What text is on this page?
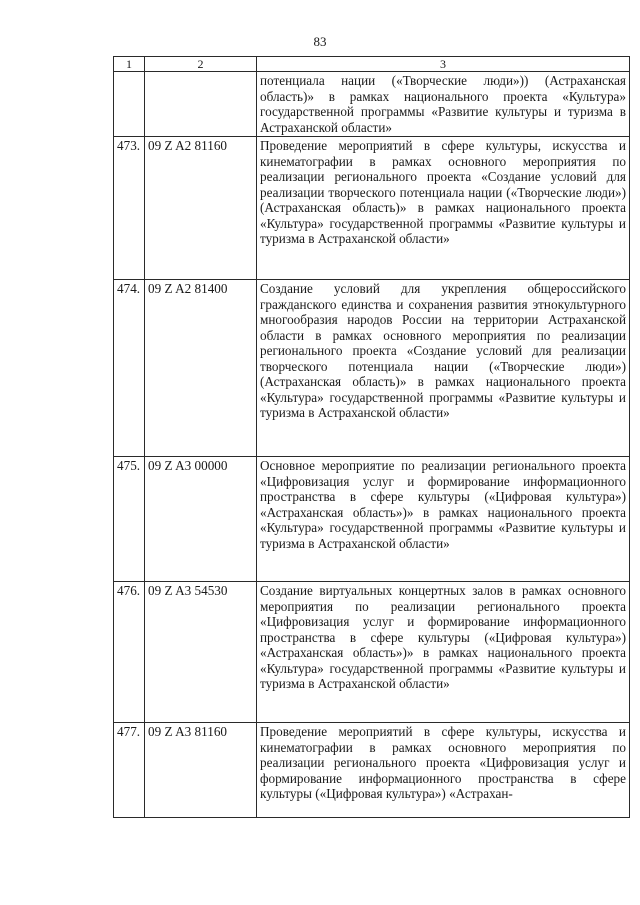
83
1	2	3
		потенциала нации («Творческие люди»)) (Астраханская область)» в рамках национального проекта «Культура» государственной программы «Развитие культуры и туризма в Астраханской области»
473.	09 Z A2 81160	Проведение мероприятий в сфере культуры, искусства и кинематографии в рамках основного мероприятия по реализации регионального проекта «Создание условий для реализации творческого потенциала нации («Творческие люди») (Астраханская область)» в рамках национального проекта «Культура» государственной программы «Развитие культуры и туризма в Астраханской области»
474.	09 Z A2 81400	Создание условий для укрепления общероссийского гражданского единства и сохранения развития этнокультурного многообразия народов России на территории Астраханской области в рамках основного мероприятия по реализации регионального проекта «Создание условий для реализации творческого потенциала нации («Творческие люди») (Астраханская область)» в рамках национального проекта «Культура» государственной программы «Развитие культуры и туризма в Астраханской области»
475.	09 Z A3 00000	Основное мероприятие по реализации регионального проекта «Цифровизация услуг и формирование информационного пространства в сфере культуры («Цифровая культура») «Астраханская область»)» в рамках национального проекта «Культура» государственной программы «Развитие культуры и туризма в Астраханской области»
476.	09 Z A3 54530	Создание виртуальных концертных залов в рамках основного мероприятия по реализации регионального проекта «Цифровизация услуг и формирование информационного пространства в сфере культуры («Цифровая культура») «Астраханская область»)» в рамках национального проекта «Культура» государственной программы «Развитие культуры и туризма в Астраханской области»
477.	09 Z A3 81160	Проведение мероприятий в сфере культуры, искусства и кинематографии в рамках основного мероприятия по реализации регионального проекта «Цифровизация услуг и формирование информационного пространства в сфере культуры («Цифровая культура») «Астрахан-
